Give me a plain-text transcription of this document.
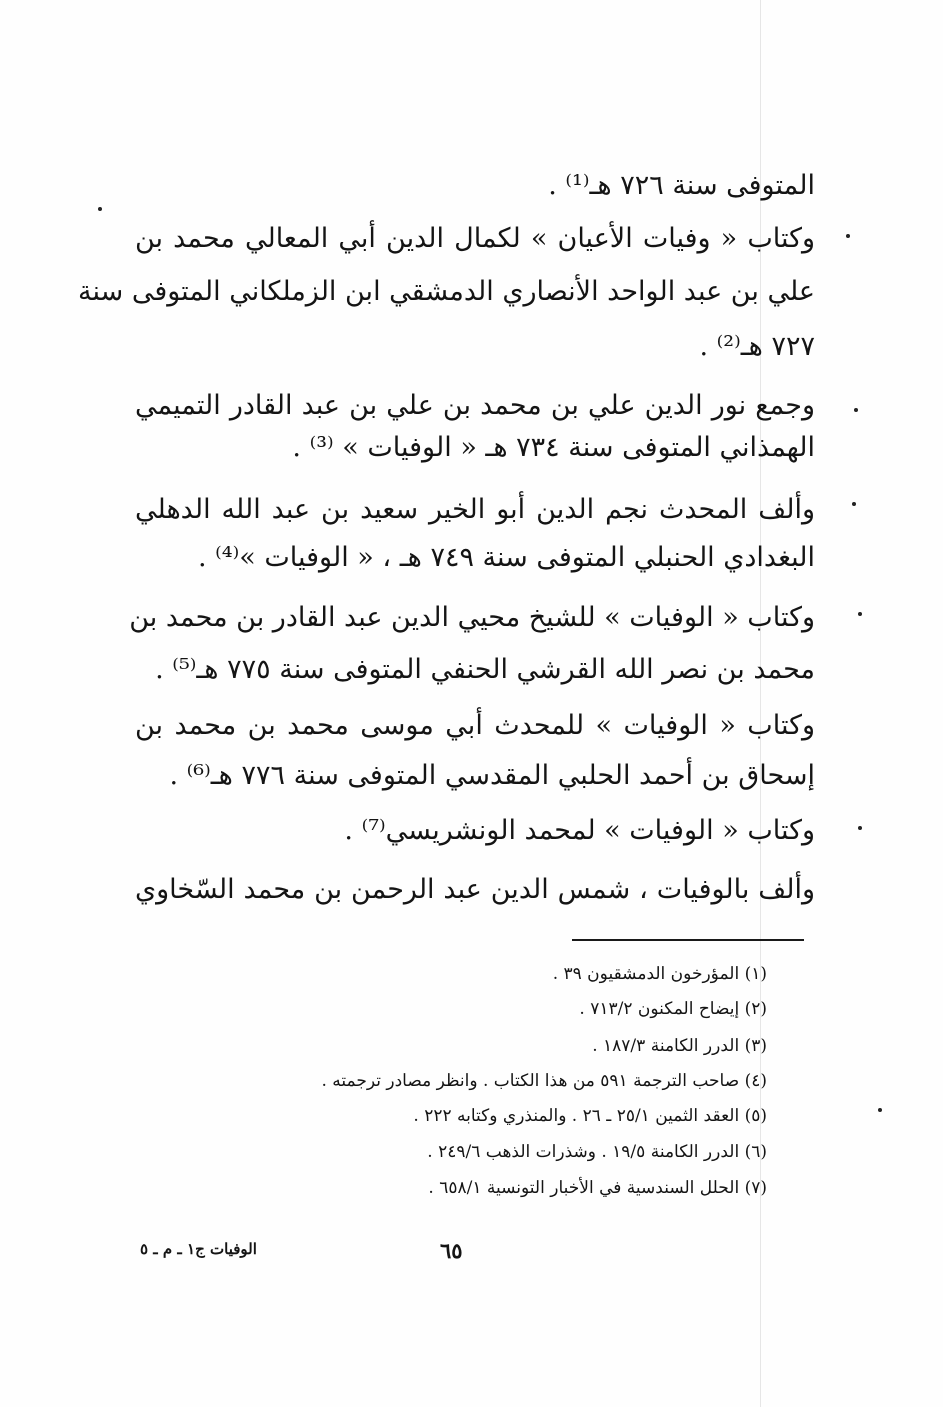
المتوفى سنة ٧٢٦ هـ⁽¹⁾ .
وكتاب « وفيات الأعيان » لكمال الدين أبي المعالي محمد بن
علي بن عبد الواحد الأنصاري الدمشقي ابن الزملكاني المتوفى سنة
٧٢٧ هـ⁽²⁾ .
وجمع نور الدين علي بن محمد بن علي بن عبد القادر التميمي
الهمذاني المتوفى سنة ٧٣٤ هـ « الوفيات » ⁽³⁾ .
وألف المحدث نجم الدين أبو الخير سعيد بن عبد الله الدهلي
البغدادي الحنبلي المتوفى سنة ٧٤٩ هـ ، « الوفيات »⁽⁴⁾ .
وكتاب « الوفيات » للشيخ محيي الدين عبد القادر بن محمد بن
محمد بن نصر الله القرشي الحنفي المتوفى سنة ٧٧٥ هـ⁽⁵⁾ .
وكتاب « الوفيات » للمحدث أبي موسى محمد بن محمد بن
إسحاق بن أحمد الحلبي المقدسي المتوفى سنة ٧٧٦ هـ⁽⁶⁾ .
وكتاب « الوفيات » لمحمد الونشريسي⁽⁷⁾ .
وألف بالوفيات ، شمس الدين عبد الرحمن بن محمد السّخاوي
(١) المؤرخون الدمشقيون ٣٩ .
(٢) إيضاح المكنون ٧١٣/٢ .
(٣) الدرر الكامنة ١٨٧/٣ .
(٤) صاحب الترجمة ٥٩١ من هذا الكتاب . وانظر مصادر ترجمته .
(٥) العقد الثمين ٢٥/١ ـ ٢٦ . والمنذري وكتابه ٢٢٢ .
(٦) الدرر الكامنة ١٩/٥ . وشذرات الذهب ٢٤٩/٦ .
(٧) الحلل السندسية في الأخبار التونسية ٦٥٨/١ .
٦٥
الوفيات ج١ ـ م ـ ٥
